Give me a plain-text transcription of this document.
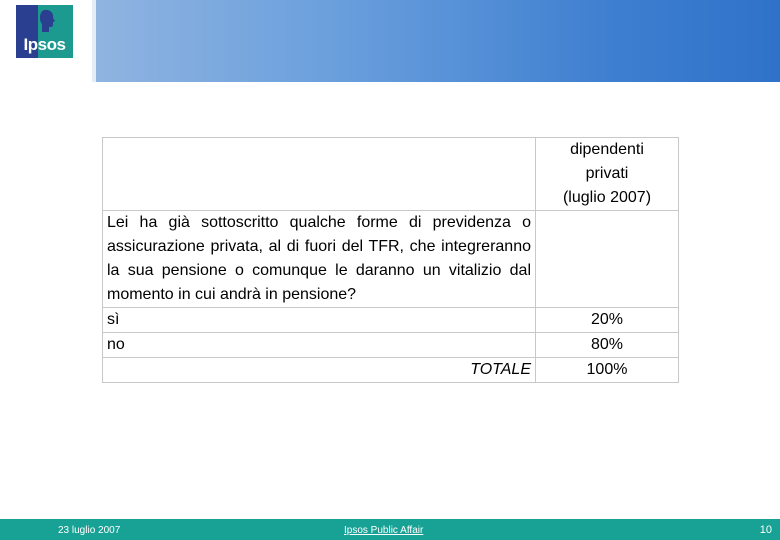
Ipsos

	dipendenti
privati
(luglio 2007)

Lei ha già sottoscritto qualche forme di previdenza o assicurazione privata, al di fuori del TFR, che integreranno la sua pensione o comunque le daranno un vitalizio dal momento in cui andrà in pensione?	
sì	20%
no	80%
TOTALE	100%
23 luglio 2007	Ipsos Public Affair	10
